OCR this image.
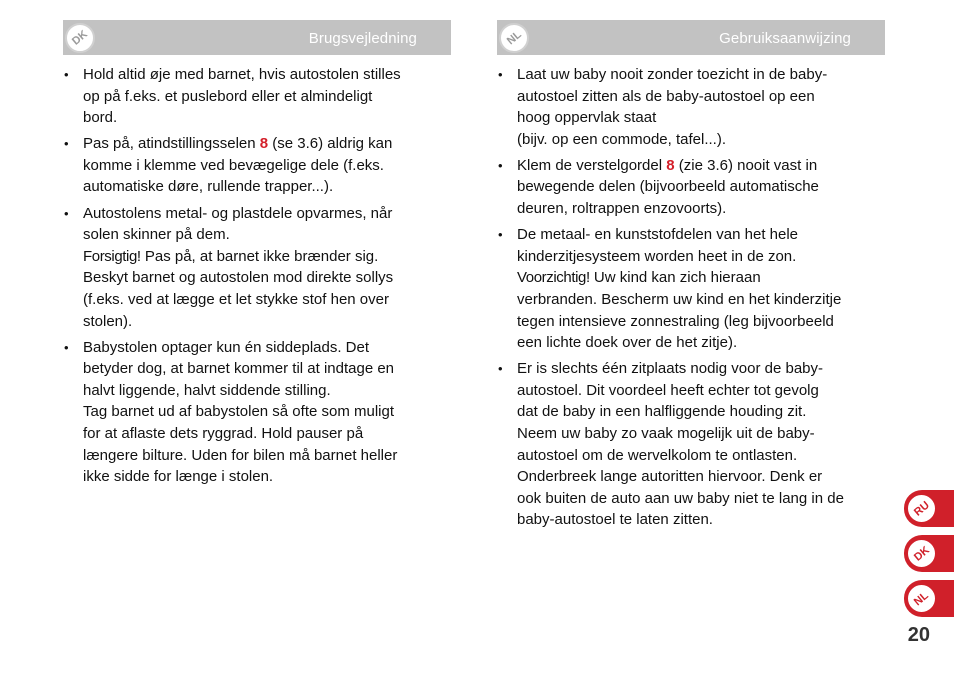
DK	Brugsvejledning
• Hold altid øje med barnet, hvis autostolen stilles
op på f.eks. et puslebord eller et almindeligt
bord.
• Pas på, atindstillingsselen 8 (se 3.6) aldrig kan
komme i klemme ved bevægelige dele (f.eks.
automatiske døre, rullende trapper...).
• Autostolens metal- og plastdele opvarmes, når
solen skinner på dem.
Forsigtig! Pas på, at barnet ikke brænder sig.
Beskyt barnet og autostolen mod direkte sollys
(f.eks. ved at lægge et let stykke stof hen over
stolen).
• Babystolen optager kun én siddeplads. Det
betyder dog, at barnet kommer til at indtage en
halvt liggende, halvt siddende stilling.
Tag barnet ud af babystolen så ofte som muligt
for at aflaste dets ryggrad. Hold pauser på
længere bilture. Uden for bilen må barnet heller
ikke sidde for længe i stolen.
NL	Gebruiksaanwijzing
• Laat uw baby nooit zonder toezicht in de baby-
autostoel zitten als de baby-autostoel op een
hoog oppervlak staat
(bijv. op een commode, tafel...).
• Klem de verstelgordel 8 (zie 3.6) nooit vast in
bewegende delen (bijvoorbeeld automatische
deuren, roltrappen enzovoorts).
• De metaal- en kunststofdelen van het hele
kinderzitjesysteem worden heet in de zon.
Voorzichtig! Uw kind kan zich hieraan
verbranden. Bescherm uw kind en het kinderzitje
tegen intensieve zonnestraling (leg bijvoorbeeld
een lichte doek over de het zitje).
• Er is slechts één zitplaats nodig voor de baby-
autostoel. Dit voordeel heeft echter tot gevolg
dat de baby in een halfliggende houding zit.
Neem uw baby zo vaak mogelijk uit de baby-
autostoel om de wervelkolom te ontlasten.
Onderbreek lange autoritten hiervoor. Denk er
ook buiten de auto aan uw baby niet te lang in de
baby-autostoel te laten zitten.
RU
DK
NL
20
